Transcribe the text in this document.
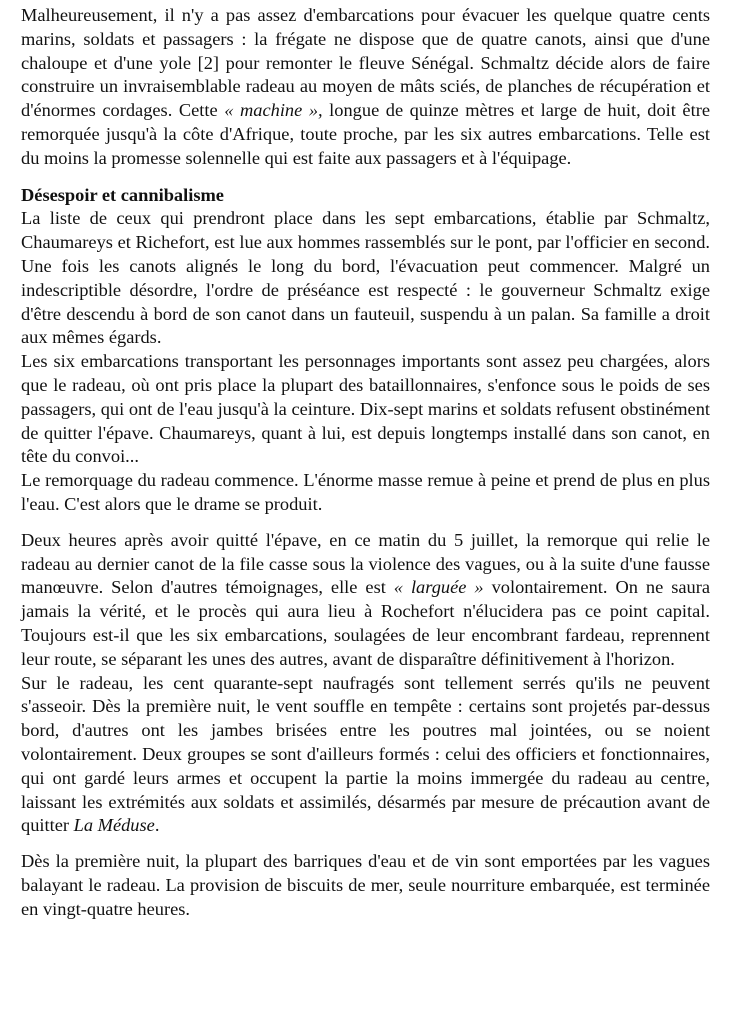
Malheureusement, il n'y a pas assez d'embarcations pour évacuer les quelque quatre cents marins, soldats et passagers : la frégate ne dispose que de quatre canots, ainsi que d'une chaloupe et d'une yole [2] pour remonter le fleuve Sénégal. Schmaltz décide alors de faire construire un invraisemblable radeau au moyen de mâts sciés, de planches de récupération et d'énormes cordages. Cette « machine », longue de quinze mètres et large de huit, doit être remorquée jusqu'à la côte d'Afrique, toute proche, par les six autres embarcations. Telle est du moins la promesse solennelle qui est faite aux passagers et à l'équipage.

Désespoir et cannibalisme

La liste de ceux qui prendront place dans les sept embarcations, établie par Schmaltz, Chaumareys et Richefort, est lue aux hommes rassemblés sur le pont, par l'officier en second. Une fois les canots alignés le long du bord, l'évacuation peut commencer. Malgré un indescriptible désordre, l'ordre de préséance est respecté : le gouverneur Schmaltz exige d'être descendu à bord de son canot dans un fauteuil, suspendu à un palan. Sa famille a droit aux mêmes égards.

Les six embarcations transportant les personnages importants sont assez peu chargées, alors que le radeau, où ont pris place la plupart des bataillonnaires, s'enfonce sous le poids de ses passagers, qui ont de l'eau jusqu'à la ceinture. Dix-sept marins et soldats refusent obstinément de quitter l'épave. Chaumareys, quant à lui, est depuis longtemps installé dans son canot, en tête du convoi...

Le remorquage du radeau commence. L'énorme masse remue à peine et prend de plus en plus l'eau. C'est alors que le drame se produit.

Deux heures après avoir quitté l'épave, en ce matin du 5 juillet, la remorque qui relie le radeau au dernier canot de la file casse sous la violence des vagues, ou à la suite d'une fausse manœuvre. Selon d'autres témoignages, elle est « larguée » volontairement. On ne saura jamais la vérité, et le procès qui aura lieu à Rochefort n'élucidera pas ce point capital. Toujours est-il que les six embarcations, soulagées de leur encombrant fardeau, reprennent leur route, se séparant les unes des autres, avant de disparaître définitivement à l'horizon.

Sur le radeau, les cent quarante-sept naufragés sont tellement serrés qu'ils ne peuvent s'asseoir. Dès la première nuit, le vent souffle en tempête : certains sont projetés par-dessus bord, d'autres ont les jambes brisées entre les poutres mal jointées, ou se noient volontairement. Deux groupes se sont d'ailleurs formés : celui des officiers et fonctionnaires, qui ont gardé leurs armes et occupent la partie la moins immergée du radeau au centre, laissant les extrémités aux soldats et assimilés, désarmés par mesure de précaution avant de quitter La Méduse.

Dès la première nuit, la plupart des barriques d'eau et de vin sont emportées par les vagues balayant le radeau. La provision de biscuits de mer, seule nourriture embarquée, est terminée en vingt-quatre heures.
